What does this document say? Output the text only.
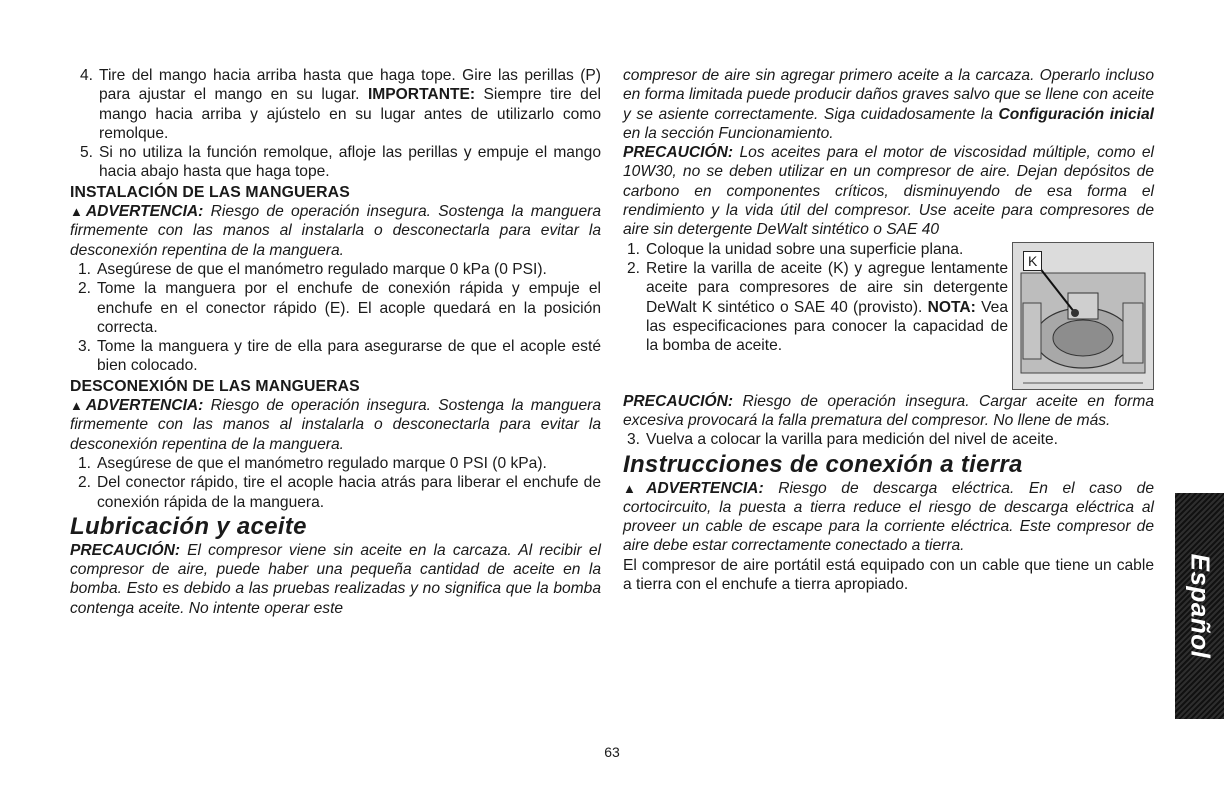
4. Tire del mango hacia arriba hasta que haga tope. Gire las perillas (P) para ajustar el mango en su lugar. IMPORTANTE: Siempre tire del mango hacia arriba y ajústelo en su lugar antes de utilizarlo como remolque.
5. Si no utiliza la función remolque, afloje las perillas y empuje el mango hacia abajo hasta que haga tope.

INSTALACIÓN DE LAS MANGUERAS

▲ADVERTENCIA: Riesgo de operación insegura. Sostenga la manguera firmemente con las manos al instalarla o desconectarla para evitar la desconexión repentina de la manguera.

1. Asegúrese de que el manómetro regulado marque 0 kPa (0 PSI).
2. Tome la manguera por el enchufe de conexión rápida y empuje el enchufe en el conector rápido (E). El acople quedará en la posición correcta.
3. Tome la manguera y tire de ella para asegurarse de que el acople esté bien colocado.

DESCONEXIÓN DE LAS MANGUERAS

▲ADVERTENCIA: Riesgo de operación insegura. Sostenga la manguera firmemente con las manos al instalarla o desconectarla para evitar la desconexión repentina de la manguera.

1. Asegúrese de que el manómetro regulado marque 0 PSI (0 kPa).
2. Del conector rápido, tire el acople hacia atrás para liberar el enchufe de conexión rápida de la manguera.

Lubricación y aceite

PRECAUCIÓN: El compresor viene sin aceite en la carcaza. Al recibir el compresor de aire, puede haber una pequeña cantidad de aceite en la bomba. Esto es debido a las pruebas realizadas y no significa que la bomba contenga aceite. No intente operar este

compresor de aire sin agregar primero aceite a la carcaza. Operarlo incluso en forma limitada puede producir daños graves salvo que se llene con aceite y se asiente correctamente. Siga cuidadosamente la Configuración inicial en la sección Funcionamiento.

PRECAUCIÓN: Los aceites para el motor de viscosidad múltiple, como el 10W30, no se deben utilizar en un compresor de aire. Dejan depósitos de carbono en componentes críticos, disminuyendo de esa forma el rendimiento y la vida útil del compresor. Use aceite para compresores de aire sin detergente DeWalt sintético o SAE 40

K
1. Coloque la unidad sobre una superficie plana.
2. Retire la varilla de aceite (K) y agregue lentamente aceite para compresores de aire sin detergente DeWalt K sintético o SAE 40 (provisto). NOTA: Vea las especificaciones para conocer la capacidad de la bomba de aceite.

PRECAUCIÓN: Riesgo de operación insegura. Cargar aceite en forma excesiva provocará la falla prematura del compresor. No llene de más.

3. Vuelva a colocar la varilla para medición del nivel de aceite.

Instrucciones de conexión a tierra

▲ADVERTENCIA: Riesgo de descarga eléctrica. En el caso de cortocircuito, la puesta a tierra reduce el riesgo de descarga eléctrica al proveer un cable de escape para la corriente eléctrica. Este compresor de aire debe estar correctamente conectado a tierra.

El compresor de aire portátil está equipado con un cable que tiene un cable a tierra con el enchufe a tierra apropiado.	Español
63
